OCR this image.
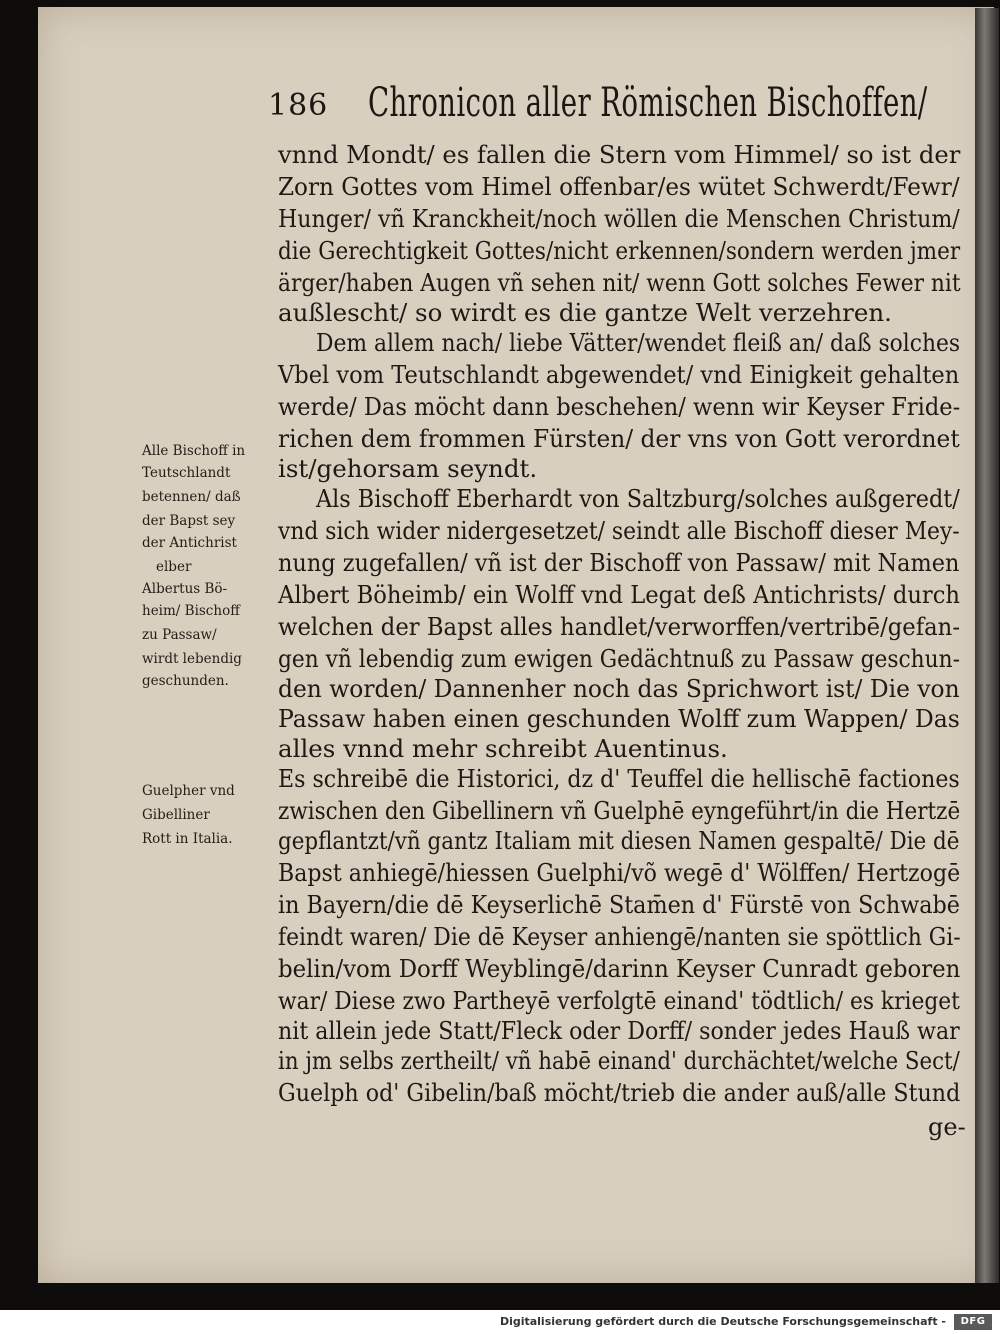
186 Chronicon aller Römischen Bischoffen/
vnnd Mondt/ es fallen die Stern vom Himmel/ so ist der
Zorn Gottes vom Himel offenbar/es wütet Schwerdt/Fewr/
Hunger/ vñ Kranckheit/noch wöllen die Menschen Christum/
die Gerechtigkeit Gottes/nicht erkennen/sondern werden jmer
ärger/haben Augen vñ sehen nit/ wenn Gott solches Fewer nit
außlescht/ so wirdt es die gantze Welt verzehren.
Dem allem nach/ liebe Vätter/wendet fleiß an/ daß solches
Vbel vom Teutschlandt abgewendet/ vnd Einigkeit gehalten
werde/ Das möcht dann beschehen/ wenn wir Keyser Fride-
richen dem frommen Fürsten/ der vns von Gott verordnet
ist/gehorsam seyndt.
Als Bischoff Eberhardt von Saltzburg/solches außgeredt/
vnd sich wider nidergesetzet/ seindt alle Bischoff dieser Mey-
nung zugefallen/ vñ ist der Bischoff von Passaw/ mit Namen
Albert Böheimb/ ein Wolff vnd Legat deß Antichrists/ durch
welchen der Bapst alles handlet/verworffen/vertribē/gefan-
gen vñ lebendig zum ewigen Gedächtnuß zu Passaw geschun-
den worden/ Dannenher noch das Sprichwort ist/ Die von
Passaw haben einen geschunden Wolff zum Wappen/ Das
alles vnnd mehr schreibt Auentinus.
Es schreibē die Historici, dz d' Teuffel die hellischē factiones
zwischen den Gibellinern vñ Guelphē eyngeführt/in die Hertzē
gepflantzt/vñ gantz Italiam mit diesen Namen gespaltē/ Die dē
Bapst anhiegē/hiessen Guelphi/võ wegē d' Wölffen/ Hertzogē
in Bayern/die dē Keyserlichē Stam̄en d' Fürstē von Schwabē
feindt waren/ Die dē Keyser anhiengē/nanten sie spöttlich Gi-
belin/vom Dorff Weyblingē/darinn Keyser Cunradt geboren
war/ Diese zwo Partheyē verfolgtē einand' tödtlich/ es krieget
nit allein jede Statt/Fleck oder Dorff/ sonder jedes Hauß war
in jm selbs zertheilt/ vñ habē einand' durchächtet/welche Sect/
Guelph od' Gibelin/baß möcht/trieb die ander auß/alle Stund
ge-
Alle Bischoff in
Teutschlandt
betennen/ daß
der Bapst sey
der Antichrist
elber
Albertus Bö-
heim/ Bischoff
zu Passaw/
wirdt lebendig
geschunden.
Guelpher vnd
Gibelliner
Rott in Italia.
Digitalisierung gefördert durch die Deutsche Forschungsgemeinschaft -	DFG
